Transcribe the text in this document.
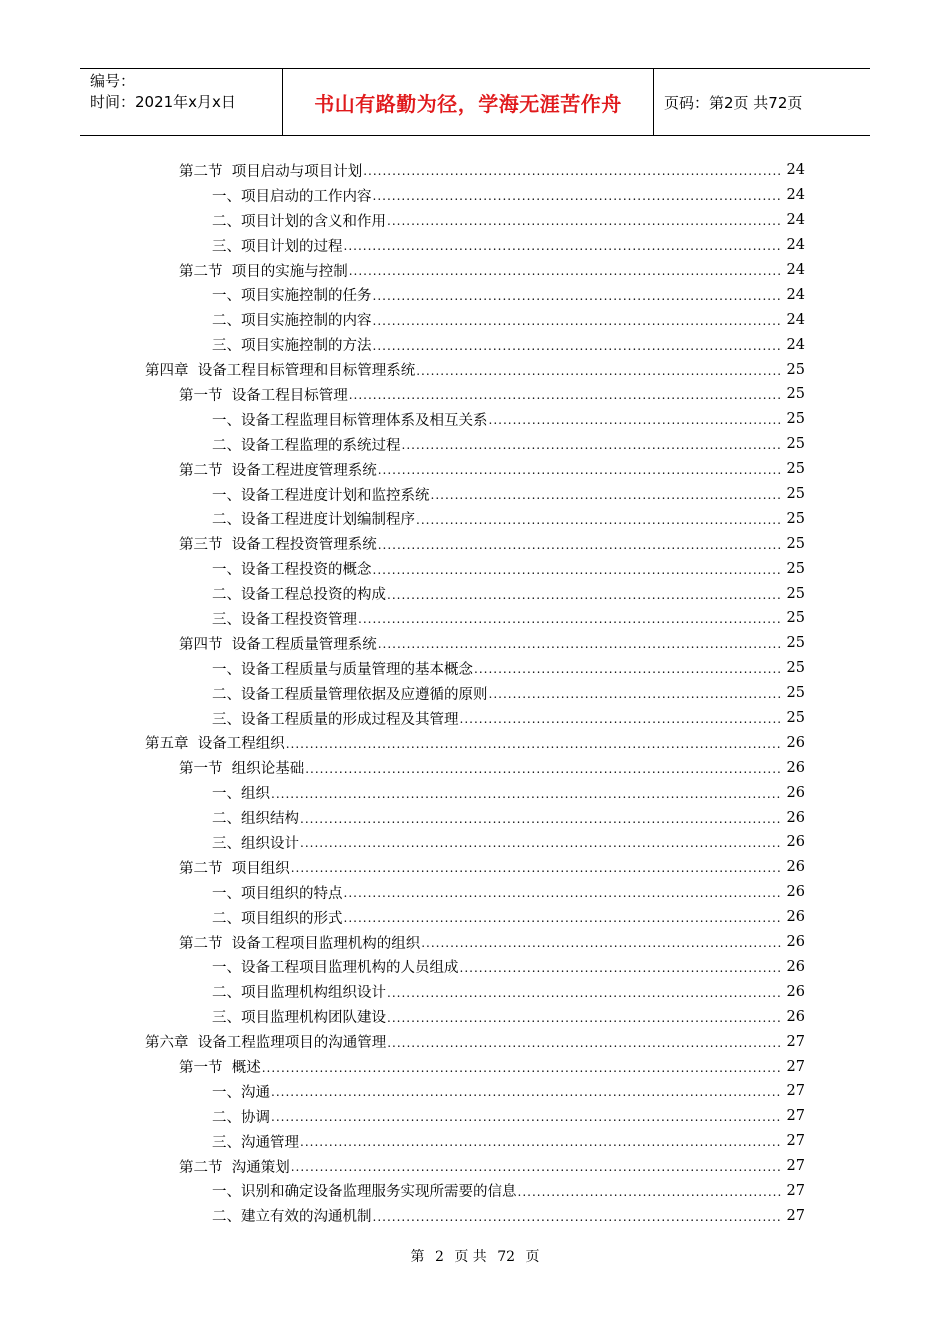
编号：
时间：2021年x月x日	书山有路勤为径，学海无涯苦作舟	页码：第2页 共72页
第二节  项目启动与项目计划 .....	24
一、项目启动的工作内容 .....	24
二、项目计划的含义和作用 .....	24
三、项目计划的过程 .....	24
第二节  项目的实施与控制 .....	24
一、项目实施控制的任务 .....	24
二、项目实施控制的内容 .....	24
三、项目实施控制的方法 .....	24
第四章  设备工程目标管理和目标管理系统 .....	25
第一节  设备工程目标管理 .....	25
一、设备工程监理目标管理体系及相互关系 .....	25
二、设备工程监理的系统过程 .....	25
第二节  设备工程进度管理系统 .....	25
一、设备工程进度计划和监控系统 .....	25
二、设备工程进度计划编制程序 .....	25
第三节  设备工程投资管理系统 .....	25
一、设备工程投资的概念 .....	25
二、设备工程总投资的构成 .....	25
三、设备工程投资管理 .....	25
第四节  设备工程质量管理系统 .....	25
一、设备工程质量与质量管理的基本概念 .....	25
二、设备工程质量管理依据及应遵循的原则 .....	25
三、设备工程质量的形成过程及其管理 .....	25
第五章  设备工程组织 .....	26
第一节  组织论基础 .....	26
一、组织 .....	26
二、组织结构 .....	26
三、组织设计 .....	26
第二节  项目组织 .....	26
一、项目组织的特点 .....	26
二、项目组织的形式 .....	26
第二节  设备工程项目监理机构的组织 .....	26
一、设备工程项目监理机构的人员组成 .....	26
二、项目监理机构组织设计 .....	26
三、项目监理机构团队建设 .....	26
第六章  设备工程监理项目的沟通管理 .....	27
第一节  概述 .....	27
一、沟通 .....	27
二、协调 .....	27
三、沟通管理 .....	27
第二节  沟通策划 .....	27
一、识别和确定设备监理服务实现所需要的信息 .....	27
二、建立有效的沟通机制 .....	27
第 2 页 共 72 页
